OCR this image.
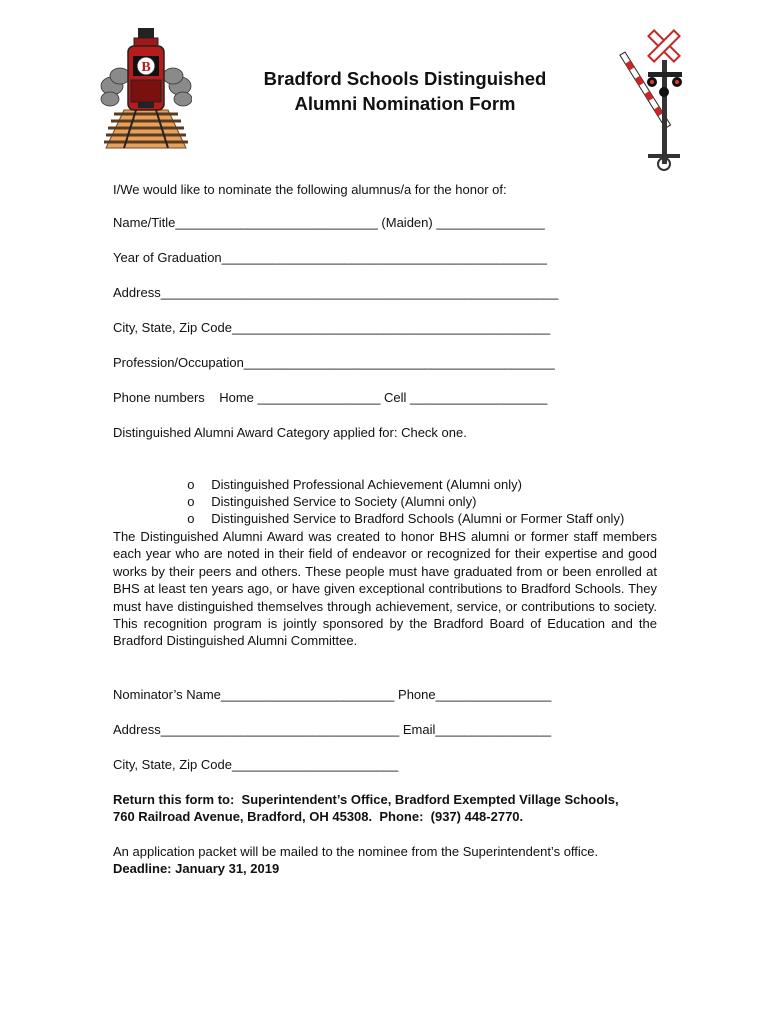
B
Bradford Schools Distinguished
Alumni Nomination Form
I/We would like to nominate the following alumnus/a for the honor of:
Name/Title____________________________ (Maiden) _______________
Year of Graduation_____________________________________________
Address_______________________________________________________
City, State, Zip Code____________________________________________
Profession/Occupation___________________________________________
Phone numbers    Home _________________ Cell ___________________
Distinguished Alumni Award Category applied for: Check one.

o Distinguished Professional Achievement (Alumni only)

o Distinguished Service to Society (Alumni only)

o Distinguished Service to Bradford Schools (Alumni or Former Staff only)

The Distinguished Alumni Award was created to honor BHS alumni or former staff members each year who are noted in their field of endeavor or recognized for their expertise and good works by their peers and others. These people must have graduated from or been enrolled at BHS at least ten years ago, or have given exceptional contributions to Bradford Schools. They must have distinguished themselves through achievement, service, or contributions to society. This recognition program is jointly sponsored by the Bradford Board of Education and the Bradford Distinguished Alumni Committee.
Nominator’s Name________________________ Phone________________
Address_________________________________ Email________________
City, State, Zip Code_______________________
Return this form to:  Superintendent’s Office, Bradford Exempted Village Schools,
760 Railroad Avenue, Bradford, OH 45308.  Phone:  (937) 448-2770.
An application packet will be mailed to the nominee from the Superintendent’s office.
Deadline: January 31, 2019
